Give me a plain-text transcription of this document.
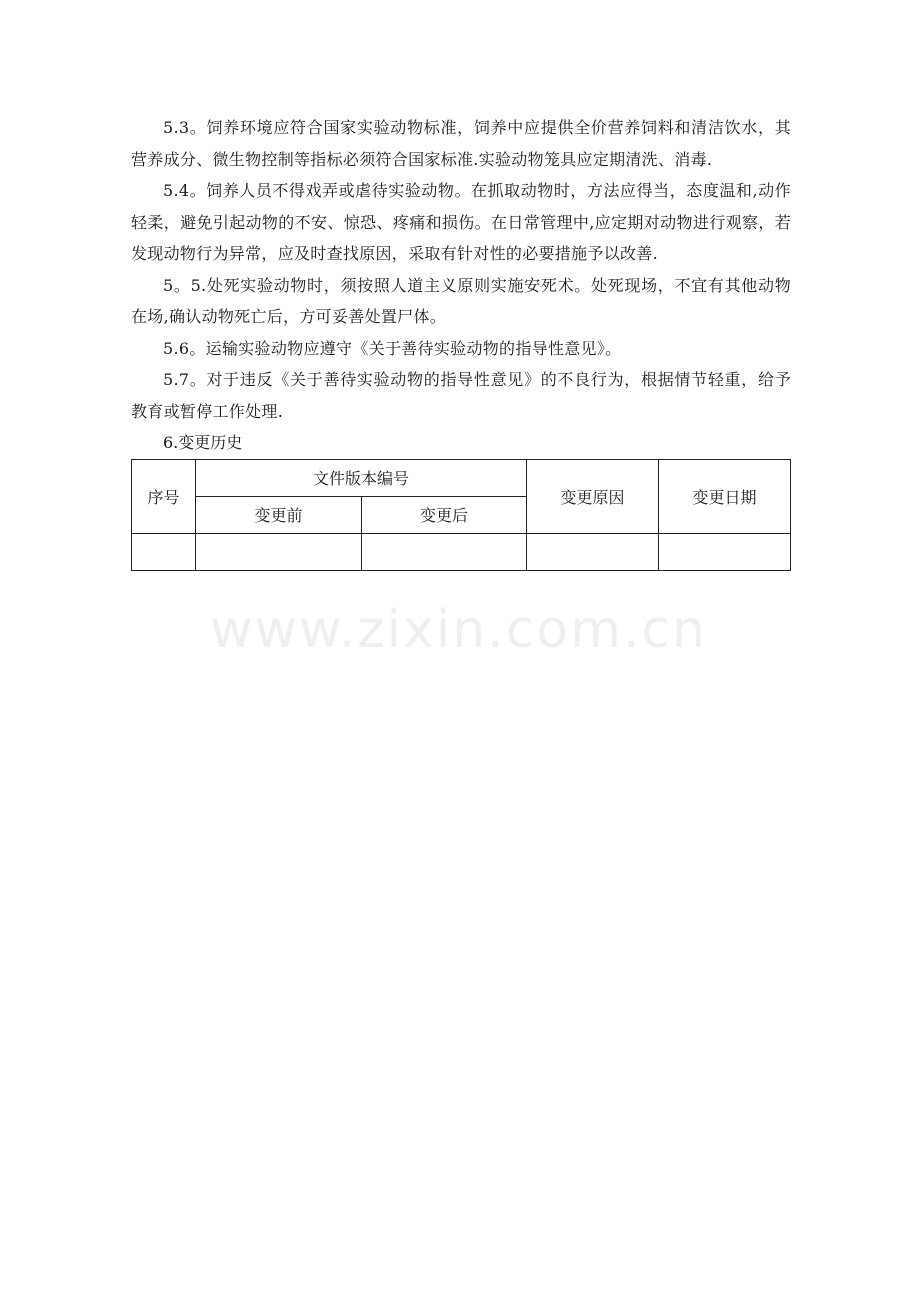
5.3。饲养环境应符合国家实验动物标准，饲养中应提供全价营养饲料和清洁饮水，其营养成分、微生物控制等指标必须符合国家标准.实验动物笼具应定期清洗、消毒.

5.4。饲养人员不得戏弄或虐待实验动物。在抓取动物时，方法应得当，态度温和,动作轻柔，避免引起动物的不安、惊恐、疼痛和损伤。在日常管理中,应定期对动物进行观察，若发现动物行为异常，应及时查找原因，采取有针对性的必要措施予以改善.

5。5.处死实验动物时，须按照人道主义原则实施安死术。处死现场，不宜有其他动物在场,确认动物死亡后，方可妥善处置尸体。

5.6。运输实验动物应遵守《关于善待实验动物的指导性意见》。

5.7。对于违反《关于善待实验动物的指导性意见》的不良行为，根据情节轻重，给予教育或暂停工作处理.

6.变更历史

序号	文件版本编号		变更原因	变更日期
	变更前	变更后		

www.zixin.com.cn
